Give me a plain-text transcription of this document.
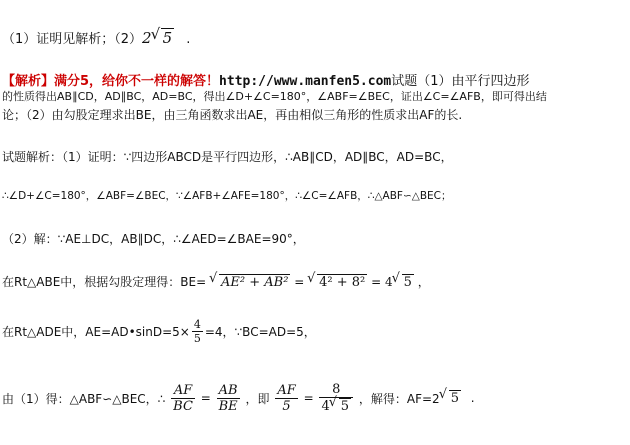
（1）证明见解析；（2）2 √ 5 .
【解析】满分5，给你不一样的解答！http://www.manfen5.com试题（1）由平行四边形
的性质得出AB∥CD，AD∥BC，AD=BC，得出∠D+∠C=180°，∠ABF=∠BEC，证出∠C=∠AFB，即可得出结
论；（2）由勾股定理求出BE，由三角函数求出AE，再由相似三角形的性质求出AF的长.
试题解析：（1）证明：∵四边形ABCD是平行四边形，∴AB∥CD，AD∥BC，AD=BC，
∴∠D+∠C=180°，∠ABF=∠BEC，∵∠AFB+∠AFE=180°，∴∠C=∠AFB，∴△ABF∽△BEC；
（2）解：∵AE⊥DC，AB∥DC，∴∠AED=∠BAE=90°，
在Rt△ABE中，根据勾股定理得：BE= √ AE² + AB² = √ 4² + 8² = 4 √ 5 ，
在Rt△ADE中，AE=AD•sinD=5× $\frac{4}{5} =4$，∵BC=AD=5，
由（1）得：△ABF∽△BEC，∴ $\frac{AF}{BC} = \frac{AB}{BE}$ ，即 $\frac{AF}{5} = \frac{8}{4 √ 5}$ ，解得：AF=2 √ 5 .
